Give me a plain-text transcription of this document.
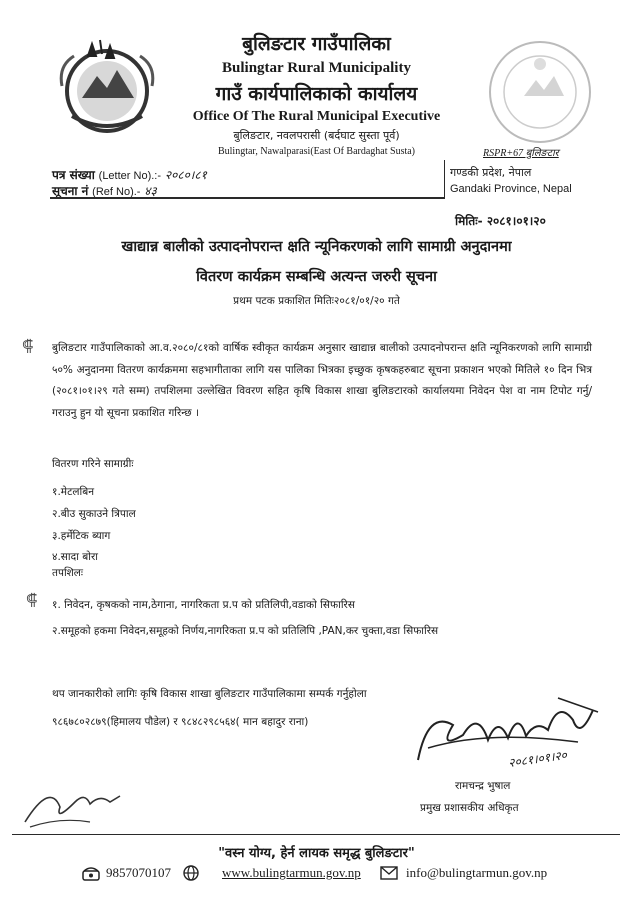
बुलिङटार गाउँपालिका
Bulingtar Rural Municipality
गाउँ कार्यपालिकाको कार्यालय
Office Of The Rural Municipal Executive
बुलिङटार, नवलपरासी (बर्दघाट सुस्ता पूर्व)
Bulingtar, Nawalparasi(East Of Bardaghat Susta)	RSPR+67 बुलिङटार
पत्र संख्या (Letter No).:- २०८०।८१
सूचना नं (Ref No).- ४३
गण्डकी प्रदेश, नेपाल
Gandaki Province, Nepal
मितिः- २०८१।०१।२०
खाद्यान्न बालीको उत्पादनोपरान्त क्षति न्यूनिकरणको लागि सामाग्री अनुदानमा
वितरण कार्यक्रम सम्बन्धि अत्यन्त जरुरी सूचना
प्रथम पटक प्रकाशित मितिः२०८१/०१/२० गते
⸿ बुलिङटार गाउँपालिकाको आ.व.२०८०/८१को वार्षिक स्वीकृत कार्यक्रम अनुसार खाद्यान्न बालीको उत्पादनोपरान्त क्षति न्यूनिकरणको लागि सामाग्री ५०% अनुदानमा वितरण कार्यक्रममा सहभागीताका लागि यस पालिका भित्रका इच्छुक कृषकहरुबाट सूचना प्रकाशन भएको मितिले १० दिन भित्र (२०८१।०१।२९ गते सम्म) तपशिलमा उल्लेखित विवरण सहित कृषि विकास शाखा बुलिङटारको कार्यालयमा निवेदन पेश वा नाम टिपोट गर्नु/गराउनु हुन यो सूचना प्रकाशित गरिन्छ ।
वितरण गरिने सामाग्रीः
१.मेटलबिन
२.बीउ सुकाउने त्रिपाल
३.हर्मेटिक ब्याग
४.सादा बोरा
तपशिलः
⸿ १. निवेदन, कृषकको नाम,ठेगाना, नागरिकता प्र.प को प्रतिलिपी,वडाको सिफारिस
२.समूहको हकमा निवेदन,समूहको निर्णय,नागरिकता प्र.प को प्रतिलिपि ,PAN,कर चुक्ता,वडा सिफारिस
थप जानकारीको लागिः कृषि विकास शाखा बुलिङटार गाउँपालिकामा सम्पर्क गर्नुहोला
९८६७८०२८७९(हिमालय पौडेल) र ९८४८२९८५६४( मान बहादुर राना)
२०८१।०१।२०
रामचन्द्र भुषाल
प्रमुख प्रशासकीय अधिकृत
"वस्न योग्य, हेर्न लायक समृद्ध बुलिङटार"
9857070107	www.bulingtarmun.gov.np	info@bulingtarmun.gov.np
